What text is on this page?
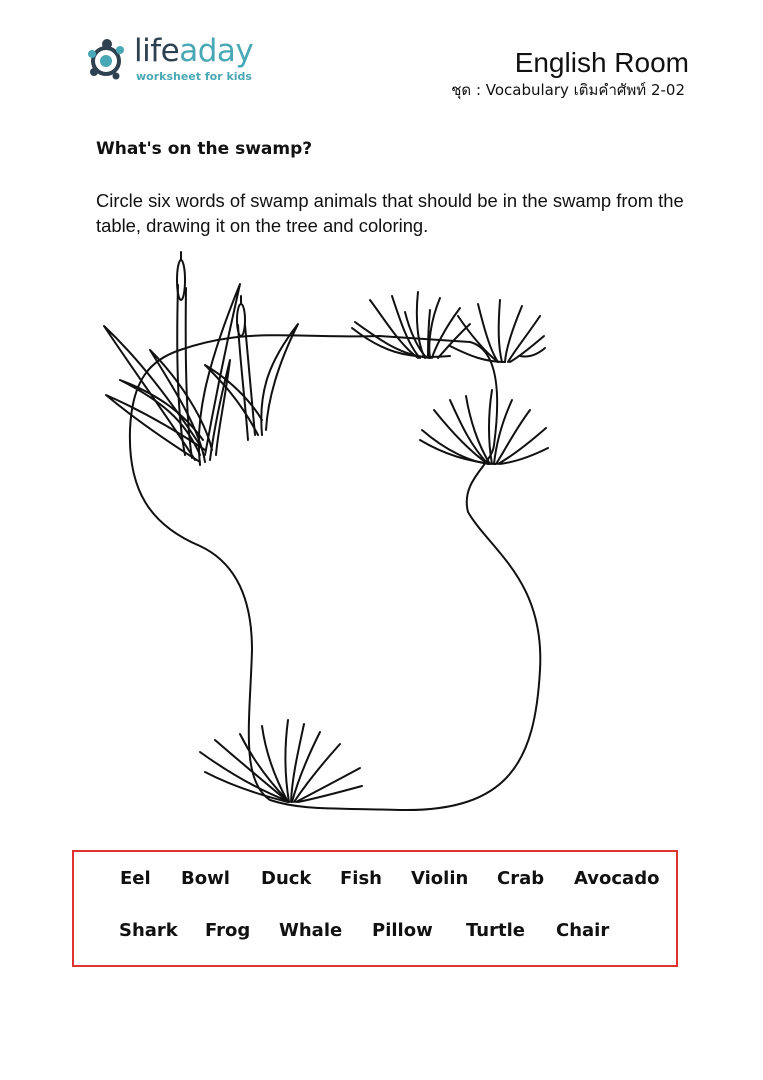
lifeaday
worksheet for kids	English Room
ชุด : Vocabulary เติมคำศัพท์ 2-02
What's on the swamp?
Circle six words of swamp animals that should be in the swamp from the table, drawing it on the tree and coloring.
Eel Bowl Duck Fish Violin Crab Avocado
Shark Frog Whale Pillow Turtle Chair
